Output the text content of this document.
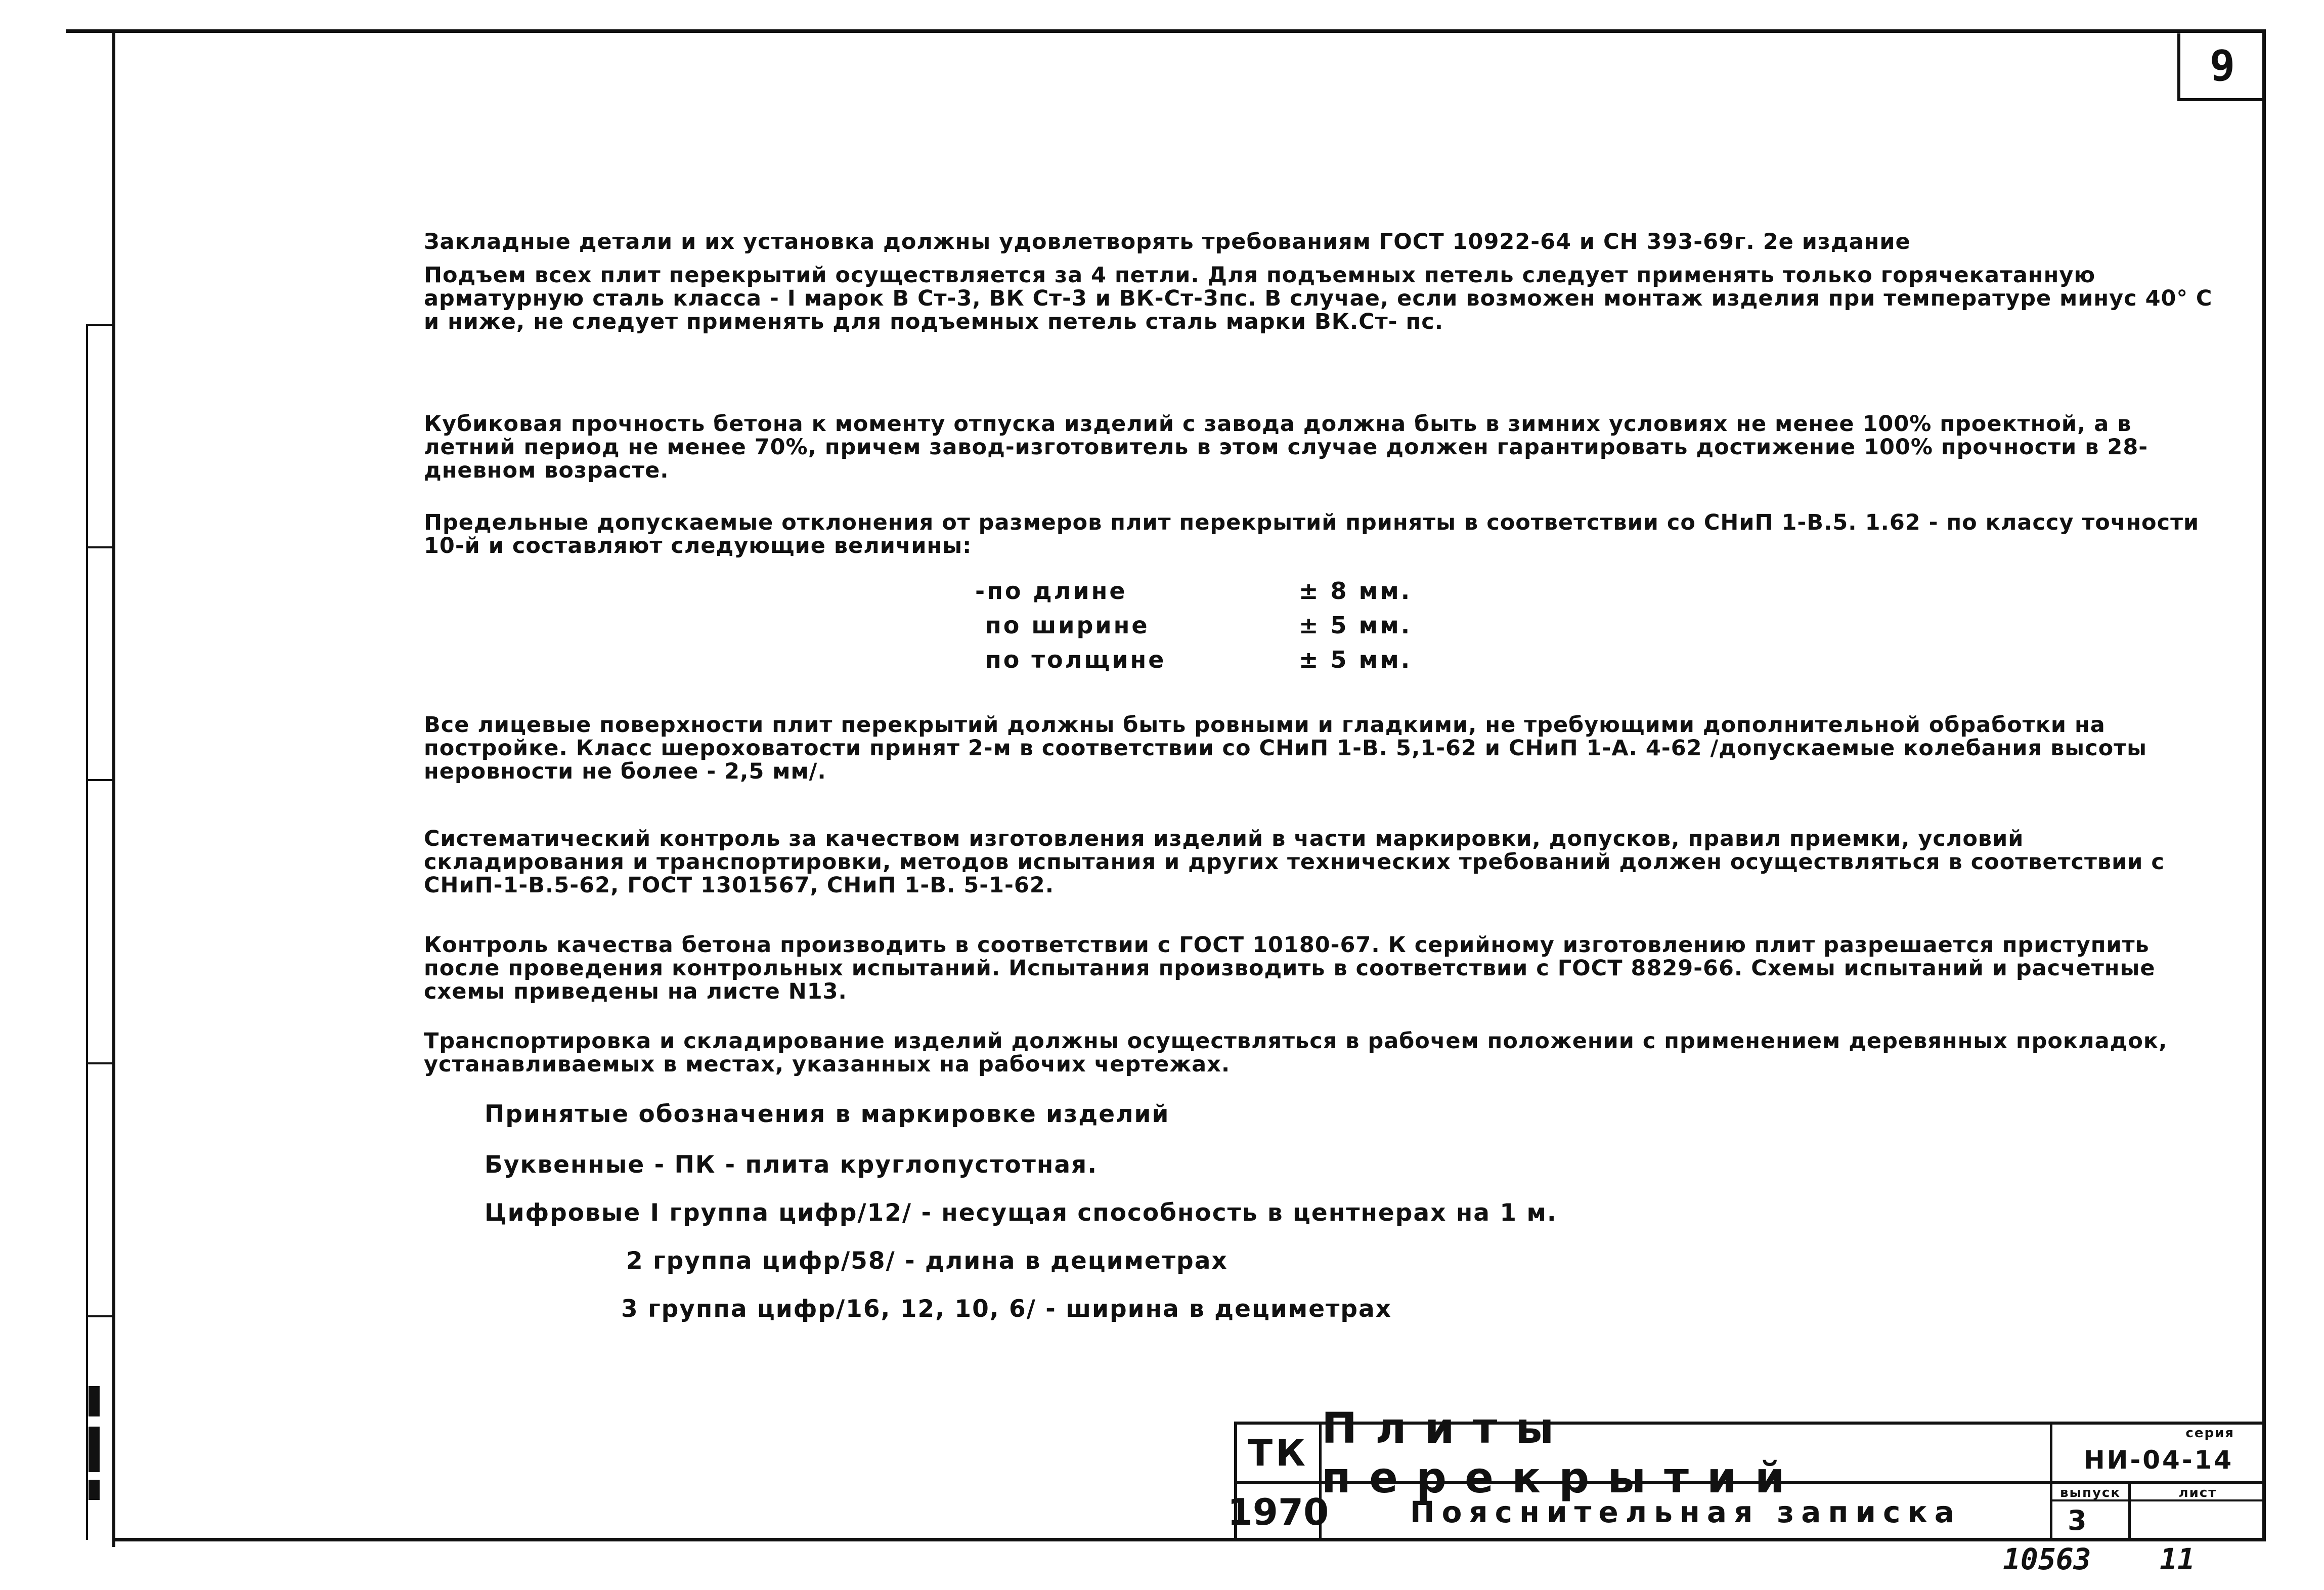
9
Закладные детали и их установка должны удовлетворять требованиям ГОСТ 10922-64 и СН 393-69г. 2е издание
Подъем всех плит перекрытий осуществляется за 4 петли. Для подъемных петель следует применять только горячекатанную арматурную сталь класса - I марок В Ст-3, ВК Ст-3 и ВК-Ст-3пс. В случае, если возможен монтаж изделия при температуре минус 40° С и ниже, не следует применять для подъемных петель сталь марки ВК.Ст- пс.
Кубиковая прочность бетона к моменту отпуска изделий с завода должна быть в зимних условиях не менее 100% проектной, а в летний период не менее 70%, причем завод-изготовитель в этом случае должен гарантировать достижение 100% прочности в 28-дневном возрасте.
Предельные допускаемые отклонения от размеров плит перекрытий приняты в соответствии со СНиП 1-В.5. 1.62 - по классу точности 10-й и составляют следующие величины:
-по длине	± 8 мм.
по ширине	± 5 мм.
по толщине	± 5 мм.
Все лицевые поверхности плит перекрытий должны быть ровными и гладкими, не требующими дополнительной обработки на постройке. Класс шероховатости принят 2-м в соответствии со СНиП 1-В. 5,1-62 и СНиП 1-А. 4-62 /допускаемые колебания высоты неровности не более - 2,5 мм/.
Систематический контроль за качеством изготовления изделий в части маркировки, допусков, правил приемки, условий складирования и транспортировки, методов испытания и других технических требований должен осуществляться в соответствии с СНиП-1-В.5-62, ГОСТ 1301567, СНиП 1-В. 5-1-62.
Контроль качества бетона производить в соответствии с ГОСТ 10180-67. К серийному изготовлению плит разрешается приступить после проведения контрольных испытаний. Испытания производить в соответствии с ГОСТ 8829-66. Схемы испытаний и расчетные схемы приведены на листе N13.
Транспортировка и складирование изделий должны осуществляться в рабочем положении с применением деревянных прокладок, устанавливаемых в местах, указанных на рабочих чертежах.
Принятые обозначения в маркировке изделий
Буквенные - ПК - плита круглопустотная.
Цифровые I группа цифр/12/ - несущая способность в центнерах на 1 м.
2 группа цифр/58/ - длина в дециметрах
3 группа цифр/16, 12, 10, 6/ - ширина в дециметрах
ТК
1970
Плиты перекрытий
Пояснительная записка
серия
НИ-04-14
выпуск
3
лист
10563 11
